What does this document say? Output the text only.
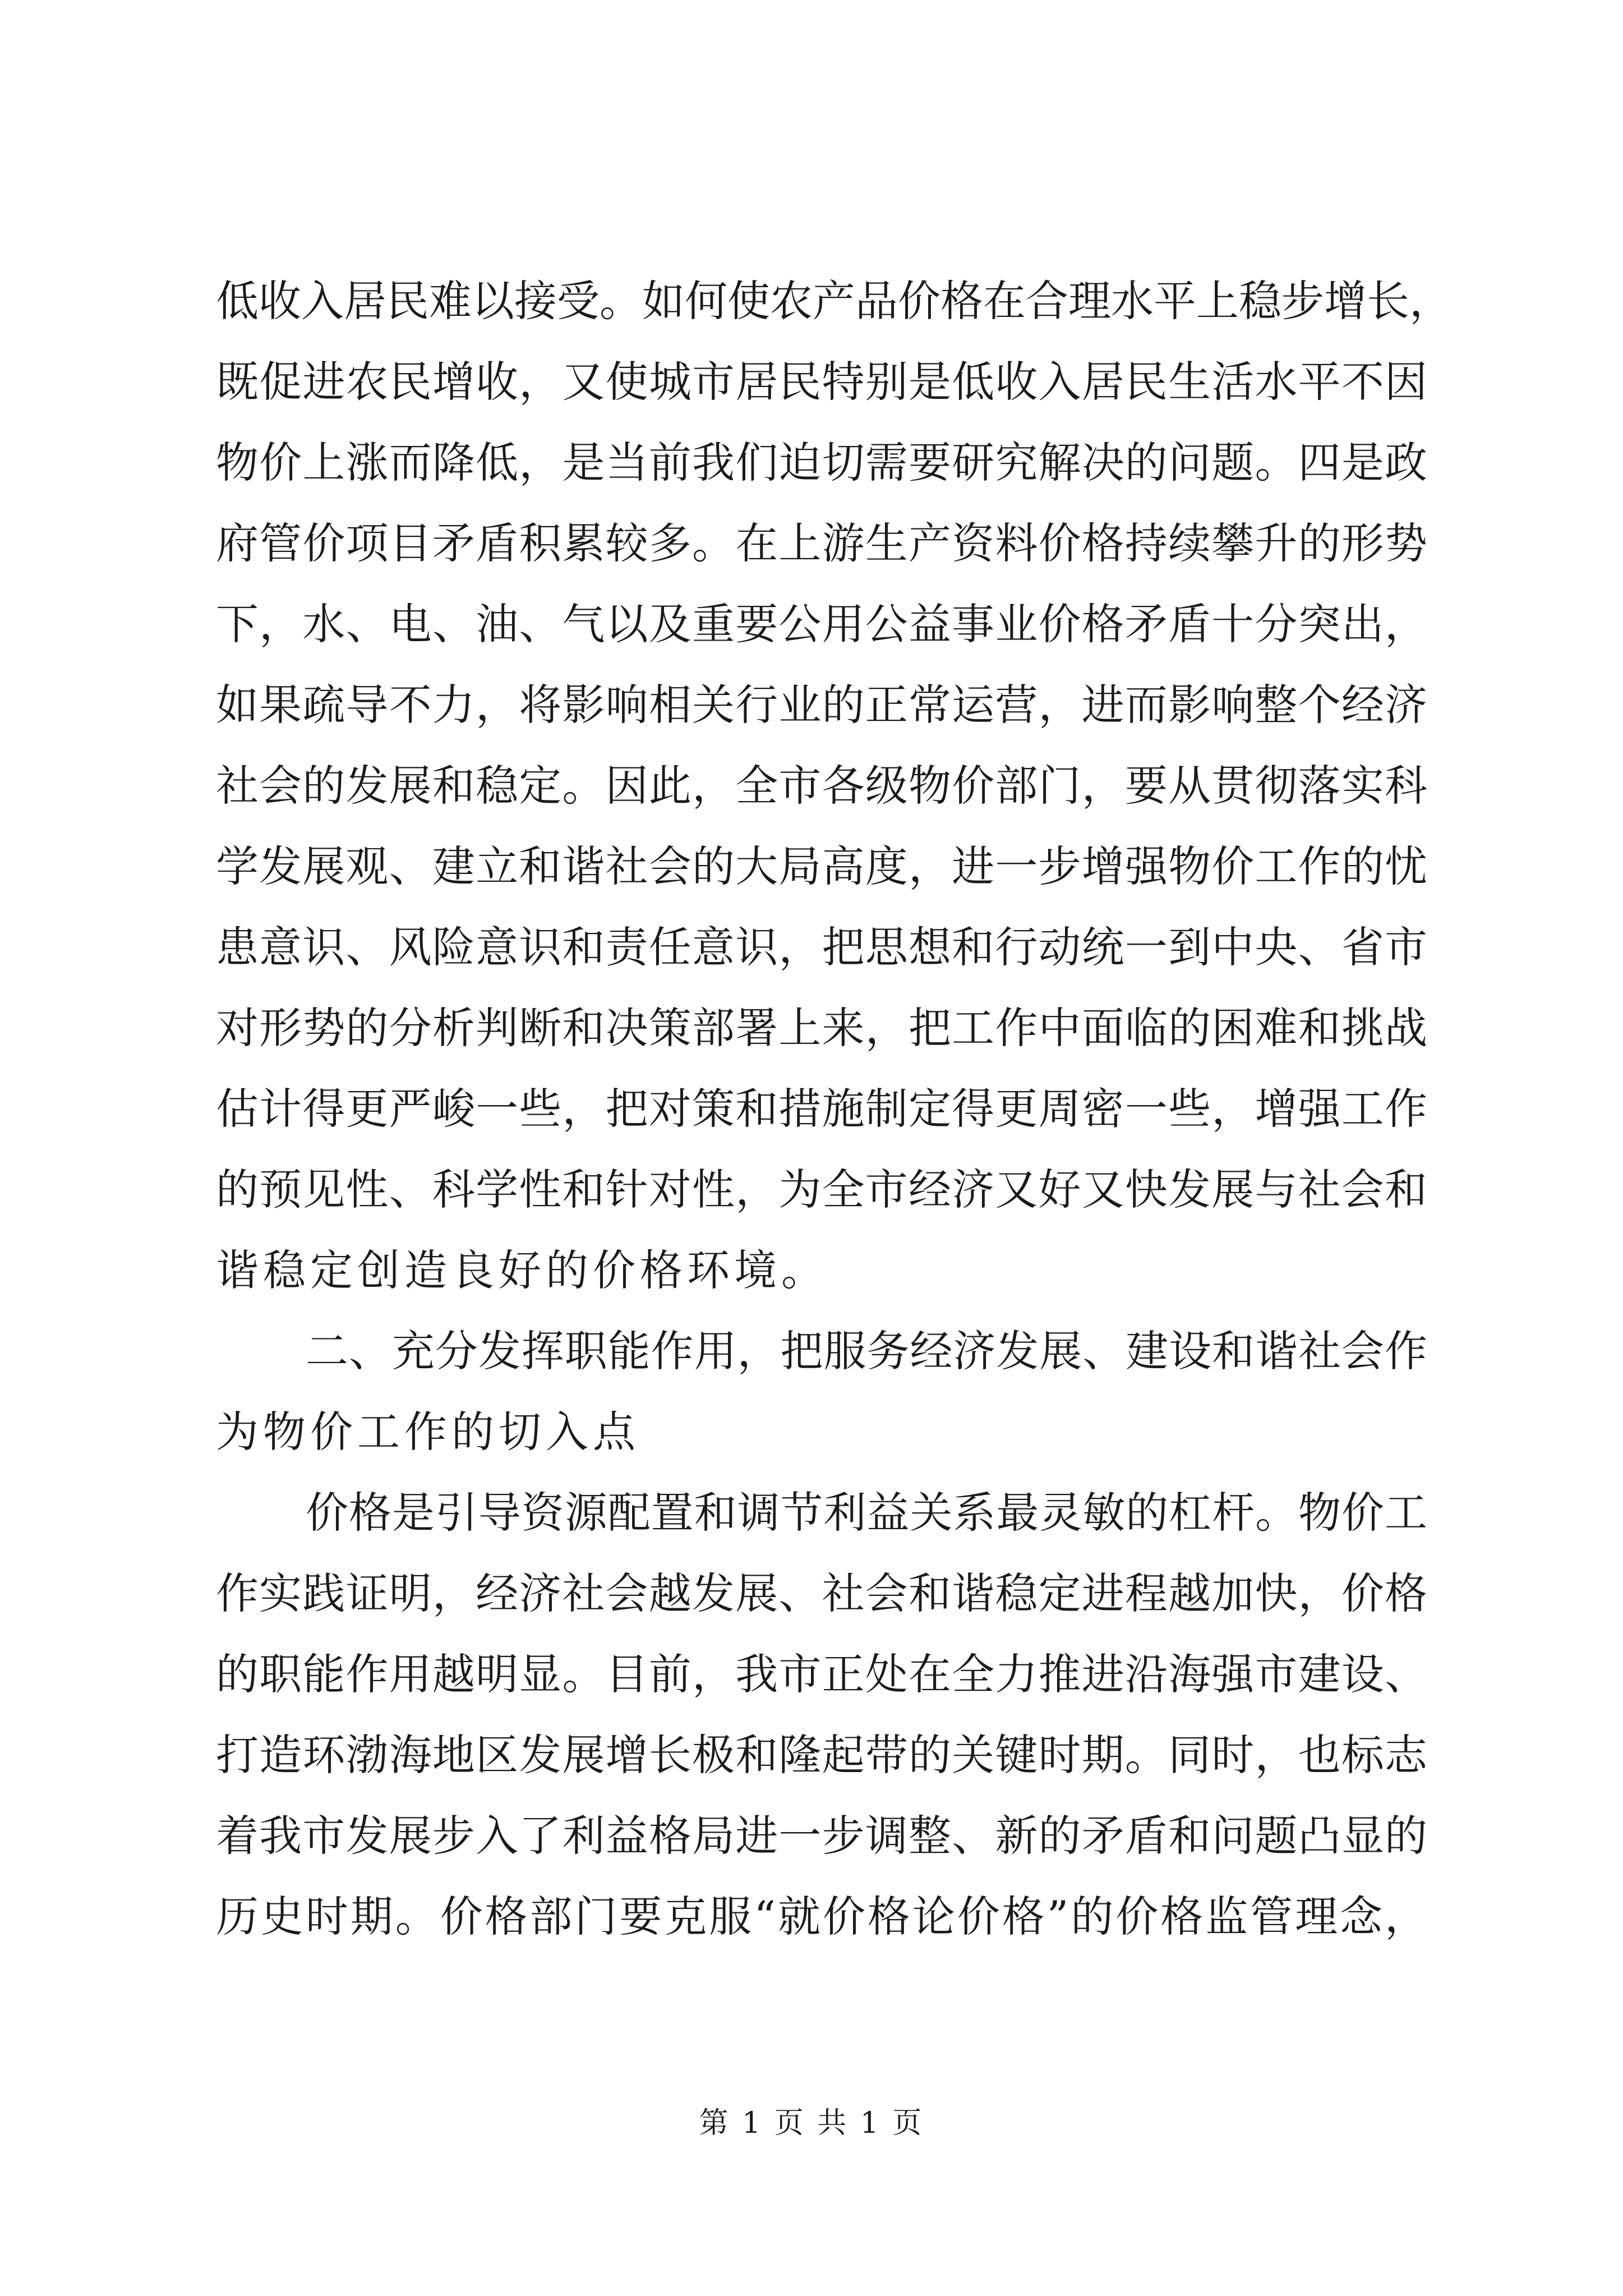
低收入居民难以接受。如何使农产品价格在合理水平上稳步增长，
既促进农民增收，又使城市居民特别是低收入居民生活水平不因
物价上涨而降低，是当前我们迫切需要研究解决的问题。四是政
府管价项目矛盾积累较多。在上游生产资料价格持续攀升的形势
下，水、电、油、气以及重要公用公益事业价格矛盾十分突出，
如果疏导不力，将影响相关行业的正常运营，进而影响整个经济
社会的发展和稳定。因此，全市各级物价部门，要从贯彻落实科
学发展观、建立和谐社会的大局高度，进一步增强物价工作的忧
患意识、风险意识和责任意识，把思想和行动统一到中央、省市
对形势的分析判断和决策部署上来，把工作中面临的困难和挑战
估计得更严峻一些，把对策和措施制定得更周密一些，增强工作
的预见性、科学性和针对性，为全市经济又好又快发展与社会和
谐稳定创造良好的价格环境。
二、充分发挥职能作用，把服务经济发展、建设和谐社会作
为物价工作的切入点
价格是引导资源配置和调节利益关系最灵敏的杠杆。物价工
作实践证明，经济社会越发展、社会和谐稳定进程越加快，价格
的职能作用越明显。目前，我市正处在全力推进沿海强市建设、
打造环渤海地区发展增长极和隆起带的关键时期。同时，也标志
着我市发展步入了利益格局进一步调整、新的矛盾和问题凸显的
历史时期。价格部门要克服“就价格论价格”的价格监管理念，
第 1 页 共 1 页
